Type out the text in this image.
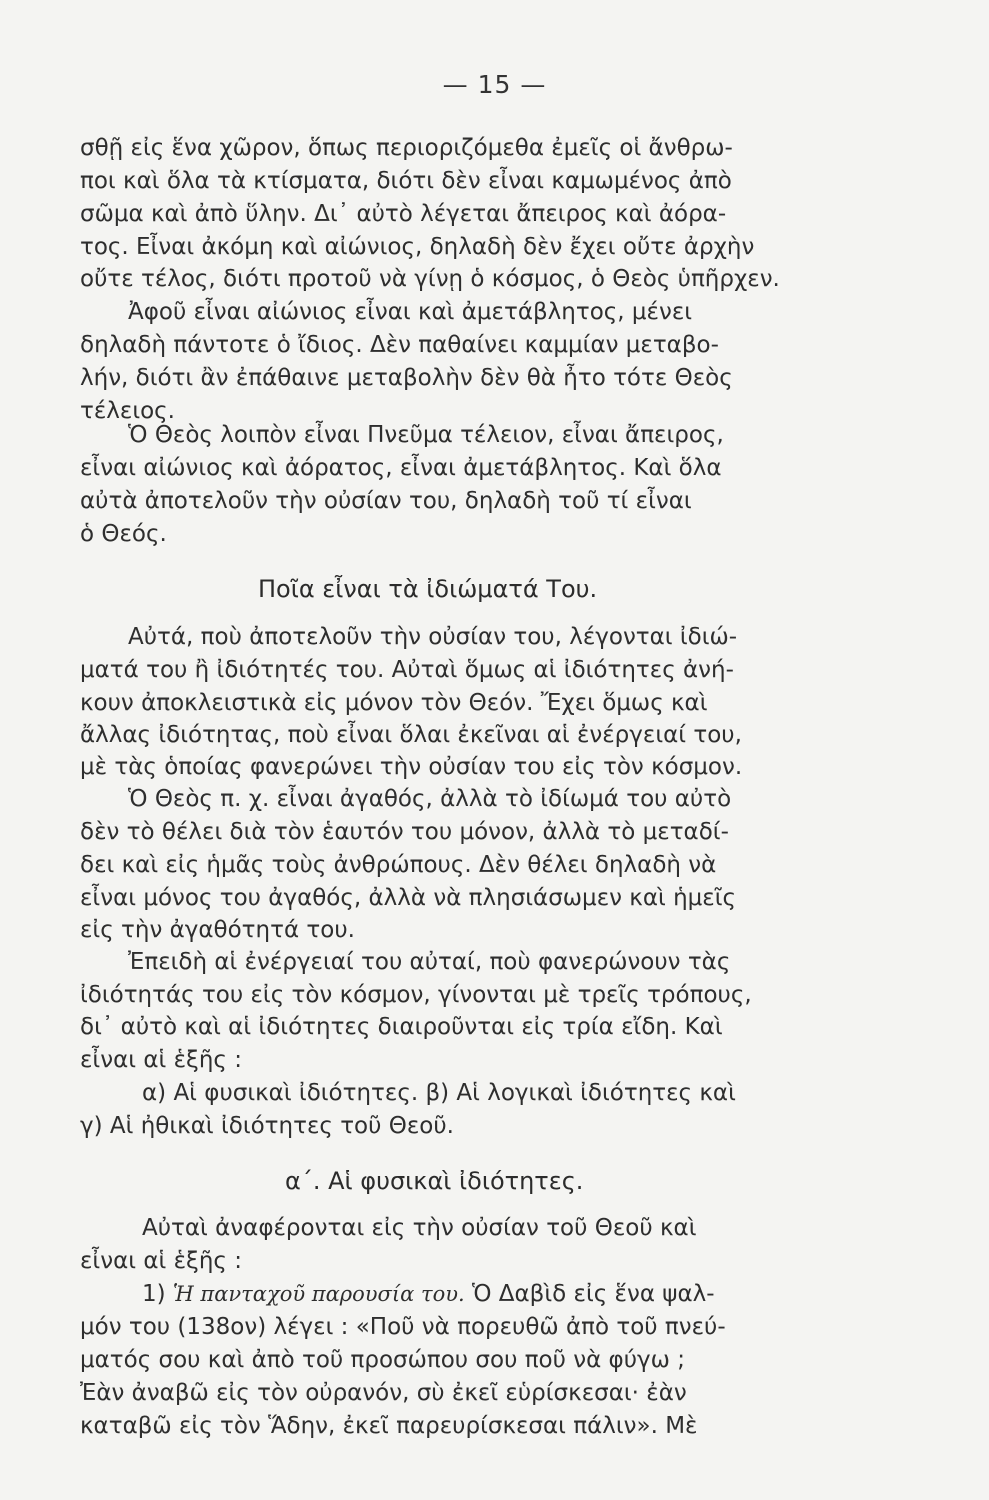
— 15 —
σθῇ εἰς ἕνα χῶρον, ὅπως περιοριζόμεθα ἐμεῖς οἱ ἄνθρω-
ποι καὶ ὅλα τὰ κτίσματα, διότι δὲν εἶναι καμωμένος ἀπὸ
σῶμα καὶ ἀπὸ ὕλην. Δι᾽ αὐτὸ λέγεται ἄπειρος καὶ ἀόρα-
τος. Εἶναι ἀκόμη καὶ αἰώνιος, δηλαδὴ δὲν ἔχει οὔτε ἀρχὴν
οὔτε τέλος, διότι προτοῦ νὰ γίνῃ ὁ κόσμος, ὁ Θεὸς ὑπῆρχεν.
Ἀφοῦ εἶναι αἰώνιος εἶναι καὶ ἀμετάβλητος, μένει
δηλαδὴ πάντοτε ὁ ἴδιος. Δὲν παθαίνει καμμίαν μεταβο-
λήν, διότι ἂν ἐπάθαινε μεταβολὴν δὲν θὰ ἦτο τότε Θεὸς
τέλειος.
Ὁ Θεὸς λοιπὸν εἶναι Πνεῦμα τέλειον, εἶναι ἄπειρος,
εἶναι αἰώνιος καὶ ἀόρατος, εἶναι ἀμετάβλητος. Καὶ ὅλα
αὐτὰ ἀποτελοῦν τὴν οὐσίαν του, δηλαδὴ τοῦ τί εἶναι
ὁ Θεός.
Ποῖα εἶναι τὰ ἰδιώματά Του.
Αὐτά, ποὺ ἀποτελοῦν τὴν οὐσίαν του, λέγονται ἰδιώ-
ματά του ἢ ἰδιότητές του. Αὐταὶ ὅμως αἱ ἰδιότητες ἀνή-
κουν ἀποκλειστικὰ εἰς μόνον τὸν Θεόν. Ἔχει ὅμως καὶ
ἄλλας ἰδιότητας, ποὺ εἶναι ὅλαι ἐκεῖναι αἱ ἐνέργειαί του,
μὲ τὰς ὁποίας φανερώνει τὴν οὐσίαν του εἰς τὸν κόσμον.
Ὁ Θεὸς π. χ. εἶναι ἀγαθός, ἀλλὰ τὸ ἰδίωμά του αὐτὸ
δὲν τὸ θέλει διὰ τὸν ἑαυτόν του μόνον, ἀλλὰ τὸ μεταδί-
δει καὶ εἰς ἡμᾶς τοὺς ἀνθρώπους. Δὲν θέλει δηλαδὴ νὰ
εἶναι μόνος του ἀγαθός, ἀλλὰ νὰ πλησιάσωμεν καὶ ἡμεῖς
εἰς τὴν ἀγαθότητά του.
Ἐπειδὴ αἱ ἐνέργειαί του αὐταί, ποὺ φανερώνουν τὰς
ἰδιότητάς του εἰς τὸν κόσμον, γίνονται μὲ τρεῖς τρόπους,
δι᾽ αὐτὸ καὶ αἱ ἰδιότητες διαιροῦνται εἰς τρία εἴδη. Καὶ
εἶναι αἱ ἑξῆς :
α) Αἱ φυσικαὶ ἰδιότητες. β) Αἱ λογικαὶ ἰδιότητες καὶ
γ) Αἱ ἠθικαὶ ἰδιότητες τοῦ Θεοῦ.
α΄. Αἱ φυσικαὶ ἰδιότητες.
Αὐταὶ ἀναφέρονται εἰς τὴν οὐσίαν τοῦ Θεοῦ καὶ
εἶναι αἱ ἑξῆς :
1) Ἡ πανταχοῦ παρουσία του. Ὁ Δαβὶδ εἰς ἕνα ψαλ-
μόν του (138ον) λέγει : «Ποῦ νὰ πορευθῶ ἀπὸ τοῦ πνεύ-
ματός σου καὶ ἀπὸ τοῦ προσώπου σου ποῦ νὰ φύγω ;
Ἐὰν ἀναβῶ εἰς τὸν οὐρανόν, σὺ ἐκεῖ εὑρίσκεσαι· ἐὰν
καταβῶ εἰς τὸν Ἅδην, ἐκεῖ παρευρίσκεσαι πάλιν». Μὲ
